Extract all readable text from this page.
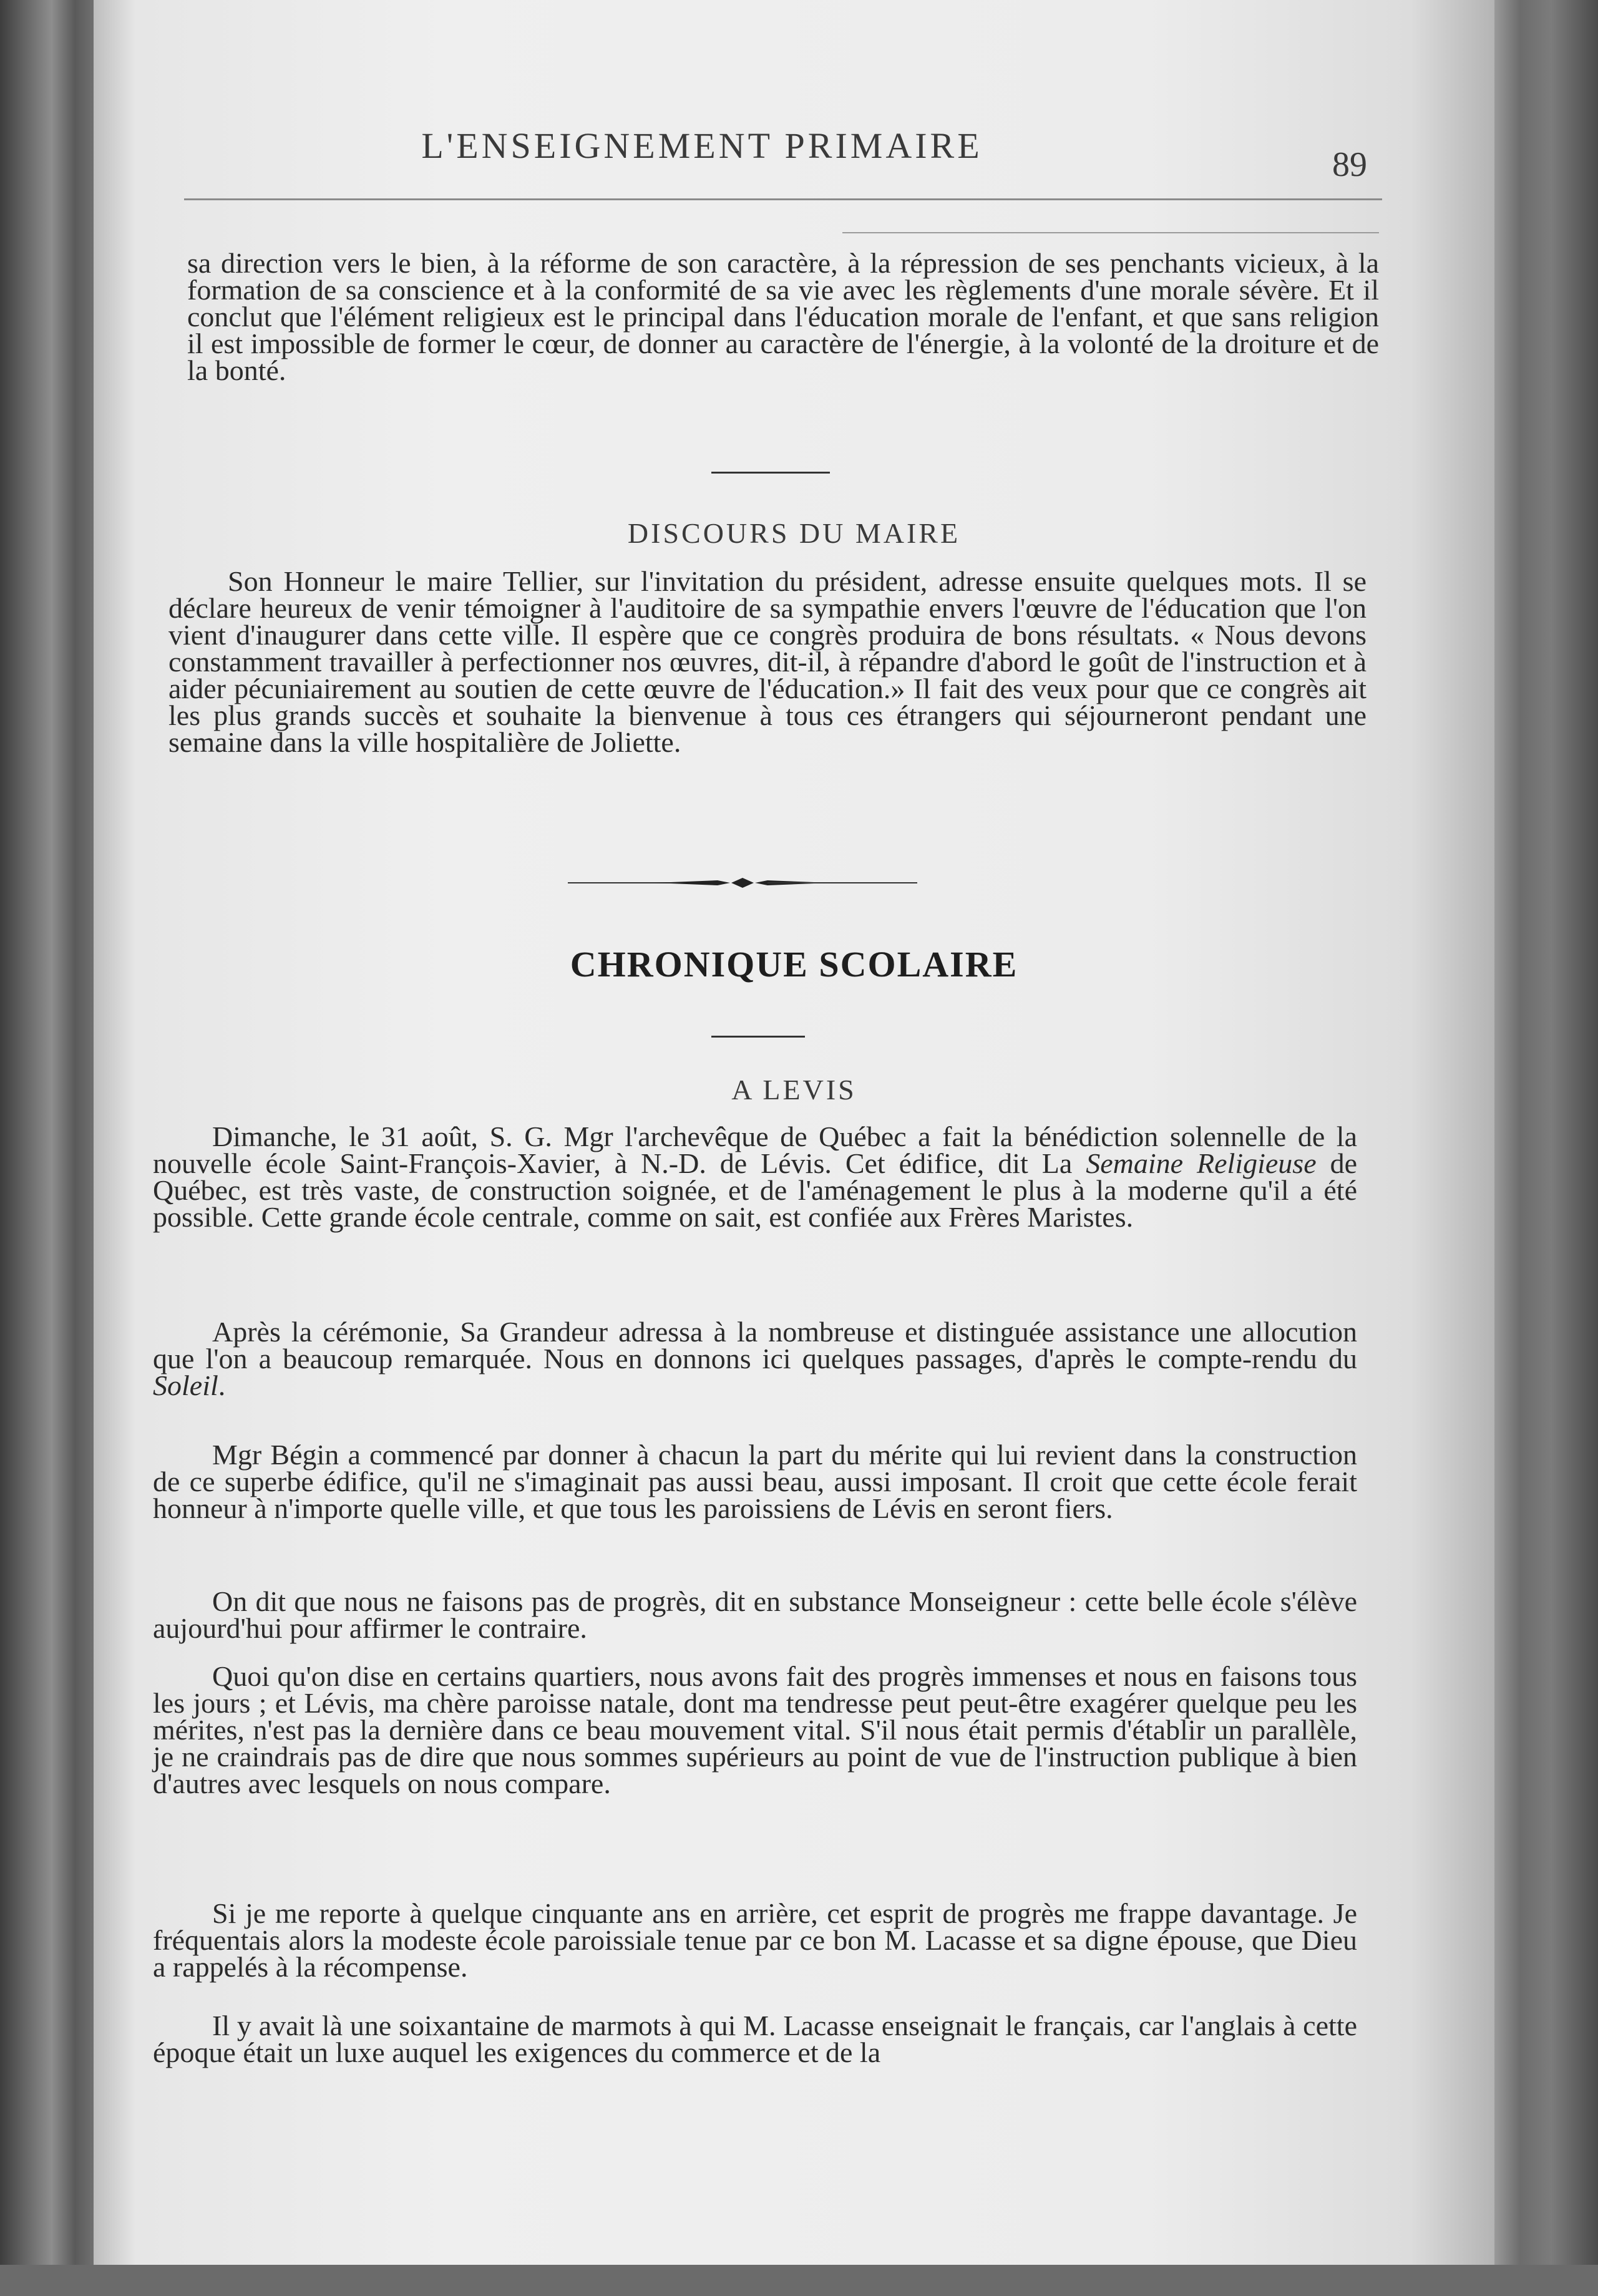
L'ENSEIGNEMENT PRIMAIRE	89

sa direction vers le bien, à la réforme de son caractère, à la répression de ses penchants vicieux, à la formation de sa conscience et à la conformité de sa vie avec les règlements d'une morale sévère. Et il conclut que l'élément religieux est le principal dans l'éducation morale de l'enfant, et que sans religion il est impossible de former le cœur, de donner au caractère de l'énergie, à la volonté de la droiture et de la bonté.

DISCOURS DU MAIRE

Son Honneur le maire Tellier, sur l'invitation du président, adresse ensuite quelques mots. Il se déclare heureux de venir témoigner à l'auditoire de sa sympathie envers l'œuvre de l'éducation que l'on vient d'inaugurer dans cette ville. Il espère que ce congrès produira de bons résultats. « Nous devons constamment travailler à perfectionner nos œuvres, dit-il, à répandre d'abord le goût de l'instruction et à aider pécuniairement au soutien de cette œuvre de l'éducation.» Il fait des veux pour que ce congrès ait les plus grands succès et souhaite la bienvenue à tous ces étrangers qui séjourneront pendant une semaine dans la ville hospitalière de Joliette.

CHRONIQUE SCOLAIRE
A LEVIS

Dimanche, le 31 août, S. G. Mgr l'archevêque de Québec a fait la bénédiction solennelle de la nouvelle école Saint-François-Xavier, à N.-D. de Lévis. Cet édifice, dit La Semaine Religieuse de Québec, est très vaste, de construction soignée, et de l'aménagement le plus à la moderne qu'il a été possible. Cette grande école centrale, comme on sait, est confiée aux Frères Maristes.

Après la cérémonie, Sa Grandeur adressa à la nombreuse et distinguée assistance une allocution que l'on a beaucoup remarquée. Nous en donnons ici quelques passages, d'après le compte-rendu du Soleil.

Mgr Bégin a commencé par donner à chacun la part du mérite qui lui revient dans la construction de ce superbe édifice, qu'il ne s'imaginait pas aussi beau, aussi imposant. Il croit que cette école ferait honneur à n'importe quelle ville, et que tous les paroissiens de Lévis en seront fiers.

On dit que nous ne faisons pas de progrès, dit en substance Monseigneur : cette belle école s'élève aujourd'hui pour affirmer le contraire.

Quoi qu'on dise en certains quartiers, nous avons fait des progrès immenses et nous en faisons tous les jours ; et Lévis, ma chère paroisse natale, dont ma tendresse peut peut-être exagérer quelque peu les mérites, n'est pas la dernière dans ce beau mouvement vital. S'il nous était permis d'établir un parallèle, je ne craindrais pas de dire que nous sommes supérieurs au point de vue de l'instruction publique à bien d'autres avec lesquels on nous compare.

Si je me reporte à quelque cinquante ans en arrière, cet esprit de progrès me frappe davantage. Je fréquentais alors la modeste école paroissiale tenue par ce bon M. Lacasse et sa digne épouse, que Dieu a rappelés à la récompense.

Il y avait là une soixantaine de marmots à qui M. Lacasse enseignait le français, car l'anglais à cette époque était un luxe auquel les exigences du commerce et de la
